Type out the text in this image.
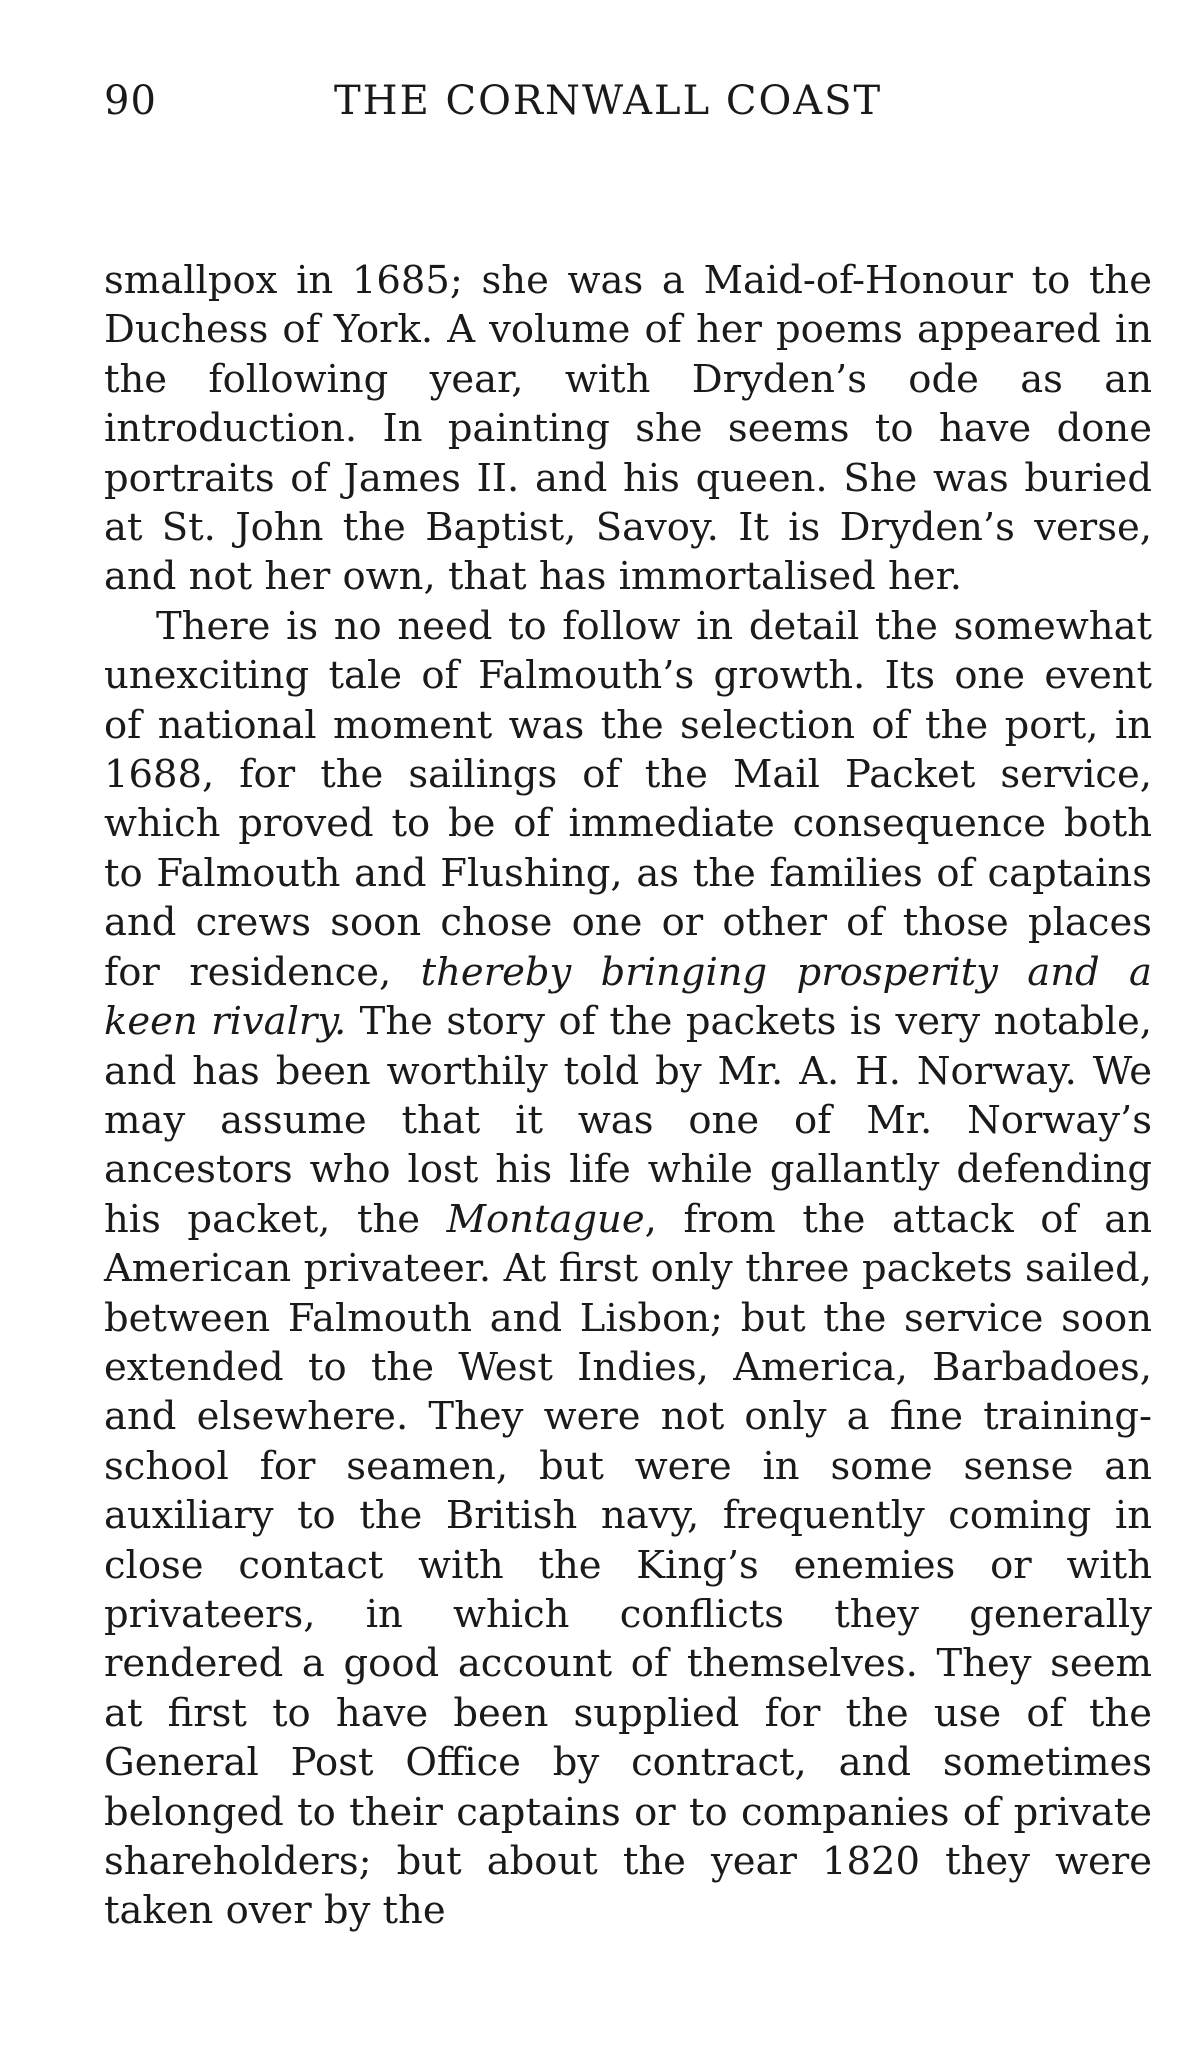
90	THE CORNWALL COAST

smallpox in 1685; she was a Maid-of-Honour to the Duchess of York. A volume of her poems appeared in the following year, with Dryden’s ode as an introduction. In painting she seems to have done portraits of James II. and his queen. She was buried at St. John the Baptist, Savoy. It is Dryden’s verse, and not her own, that has immortalised her.

There is no need to follow in detail the somewhat unexciting tale of Falmouth’s growth. Its one event of national moment was the selection of the port, in 1688, for the sailings of the Mail Packet service, which proved to be of immediate consequence both to Falmouth and Flushing, as the families of captains and crews soon chose one or other of those places for residence, thereby bringing prosperity and a keen rivalry. The story of the packets is very notable, and has been worthily told by Mr. A. H. Norway. We may assume that it was one of Mr. Norway’s ancestors who lost his life while gallantly defending his packet, the Montague, from the attack of an American privateer. At first only three packets sailed, between Falmouth and Lisbon; but the service soon extended to the West Indies, America, Barbadoes, and elsewhere. They were not only a fine training-school for seamen, but were in some sense an auxiliary to the British navy, frequently coming in close contact with the King’s enemies or with privateers, in which conflicts they generally rendered a good account of themselves. They seem at first to have been supplied for the use of the General Post Office by contract, and sometimes belonged to their captains or to companies of private shareholders; but about the year 1820 they were taken over by the
